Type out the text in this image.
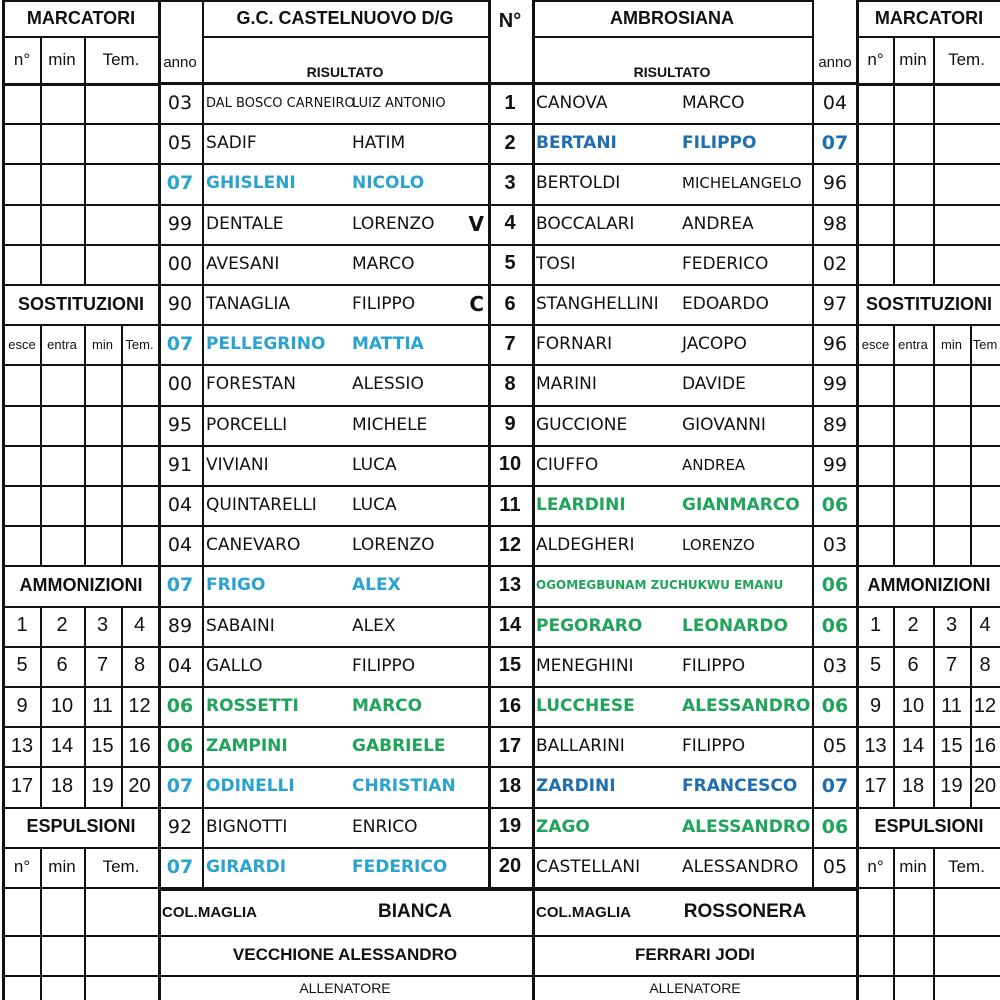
MARCATORI
n°	min	Tem.
SOSTITUZIONI
esce entra	min Tem.
AMMONIZIONI
1	2	3	4
5	6	7	8
9	10 11 12
13 14 15 16
17 18 19 20
ESPULSIONI
n°	min	Tem.
MARCATORI
n° min	Tem.
SOSTITUZIONI
esce entra	min Tem
AMMONIZIONI
1	2	3	4
5	6	7	8
9	10 11 12
13 14 15 16
17 18 19 20
ESPULSIONI
n° min	Tem.
G.C. CASTELNUOVO D/G
RISULTATO
anno
03	DAL BOSCO CARNEIRO
LUIZ ANTONIO
05 SADIF	HATIM
07 GHISLENI	NICOLO
99 DENTALE	LORENZO	V
00 AVESANI	MARCO
90 TANAGLIA	FILIPPO	C
07 PELLEGRINO	MATTIA
00 FORESTAN	ALESSIO
95 PORCELLI	MICHELE
91 VIVIANI	LUCA
04 QUINTARELLI	LUCA
04 CANEVARO	LORENZO
07 FRIGO	ALEX
89 SABAINI	ALEX
04 GALLO	FILIPPO
06 ROSSETTI	MARCO
06 ZAMPINI	GABRIELE
07 ODINELLI	CHRISTIAN
92 BIGNOTTI	ENRICO
07 GIRARDI	FEDERICO
COL.MAGLIA	BIANCA
VECCHIONE ALESSANDRO
ALLENATORE
AMBROSIANA
RISULTATO
anno
04
CANOVA	MARCO
07
BERTANI	FILIPPO
96
BERTOLDI	MICHELANGELO
98
BOCCALARI	ANDREA
02
TOSI	FEDERICO
97
STANGHELLINI	EDOARDO
96
FORNARI	JACOPO
99
MARINI	DAVIDE
89
GUCCIONE	GIOVANNI
99
CIUFFO	ANDREA
06
LEARDINI	GIANMARCO
03
ALDEGHERI	LORENZO
06
OGOMEGBUNAM ZUCHUKWU EMANU
06
PEGORARO	LEONARDO
03
MENEGHINI	FILIPPO
06
LUCCHESE	ALESSANDRO
05
BALLARINI	FILIPPO
07
ZARDINI	FRANCESCO
06
ZAGO	ALESSANDRO
05
CASTELLANI	ALESSANDRO
COL.MAGLIA	ROSSONERA
FERRARI JODI
ALLENATORE
N°
1
2
3
4
5
6
7
8
9
10
11
12
13
14
15
16
17
18
19
20
